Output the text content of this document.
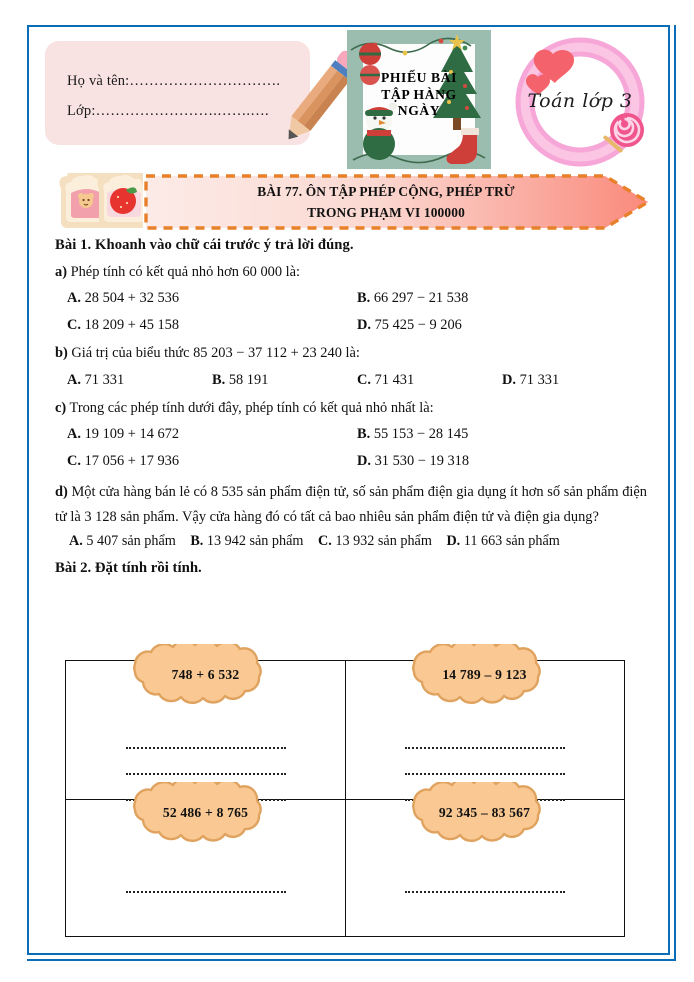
Họ và tên:………………………….
Lớp:…………………….…….….
PHIẾU BÀI
TẬP HÀNG
NGÀY	Toán lớp 3
BÀI 77. ÔN TẬP PHÉP CỘNG, PHÉP TRỪ
TRONG PHẠM VI 100000
Bài 1. Khoanh vào chữ cái trước ý trả lời đúng.
a) Phép tính có kết quả nhỏ hơn 60 000 là:
A. 28 504 + 32 536	B. 66 297 − 21 538
C. 18 209 + 45 158	D. 75 425 − 9 206
b) Giá trị của biểu thức 85 203 − 37 112 + 23 240 là:
A. 71 331	B. 58 191	C. 71 431	D. 71 331
c) Trong các phép tính dưới đây, phép tính có kết quả nhỏ nhất là:
A. 19 109 + 14 672	B. 55 153 − 28 145
C. 17 056 + 17 936	D. 31 530 − 19 318
d) Một cửa hàng bán lẻ có 8 535 sản phẩm điện tử, số sản phẩm điện gia dụng ít hơn số sản phẩm điện tử là 3 128 sản phẩm. Vậy cửa hàng đó có tất cả bao nhiêu sản phẩm điện tử và điện gia dụng?
A. 5 407 sản phẩm B. 13 942 sản phẩm C. 13 932 sản phẩm D. 11 663 sản phẩm
Bài 2. Đặt tính rồi tính.
748 + 6 532	14 789 – 9 123
52 486 + 8 765	92 345 – 83 567
